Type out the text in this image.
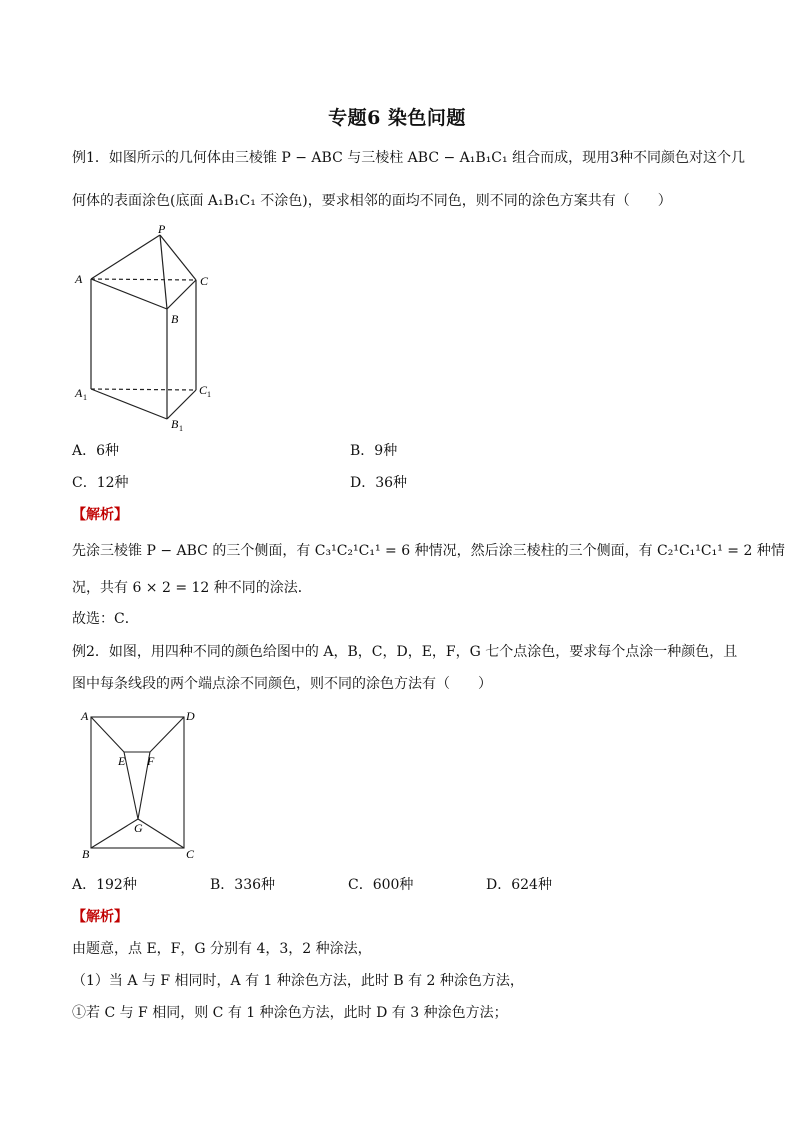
专题6 染色问题
例1．如图所示的几何体由三棱锥 P − ABC 与三棱柱 ABC − A₁B₁C₁ 组合而成，现用3种不同颜色对这个几
何体的表面涂色(底面 A₁B₁C₁ 不涂色)，要求相邻的面均不同色，则不同的涂色方案共有（　　）
P
A	C
B
A 1
C 1
B 1
A．6种	B．9种
C．12种	D．36种
【解析】
先涂三棱锥 P − ABC 的三个侧面，有 C₃¹C₂¹C₁¹ = 6 种情况，然后涂三棱柱的三个侧面，有 C₂¹C₁¹C₁¹ = 2 种情
况，共有 6 × 2 = 12 种不同的涂法．
故选：C．
例2．如图，用四种不同的颜色给图中的 A，B，C，D，E，F，G 七个点涂色，要求每个点涂一种颜色，且
图中每条线段的两个端点涂不同颜色，则不同的涂色方法有（　　）
A	D
E F
G
B	C
A．192种	B．336种	C．600种	D．624种
【解析】
由题意，点 E，F，G 分别有 4，3，2 种涂法，
（1）当 A 与 F 相同时，A 有 1 种涂色方法，此时 B 有 2 种涂色方法，
①若 C 与 F 相同，则 C 有 1 种涂色方法，此时 D 有 3 种涂色方法；
